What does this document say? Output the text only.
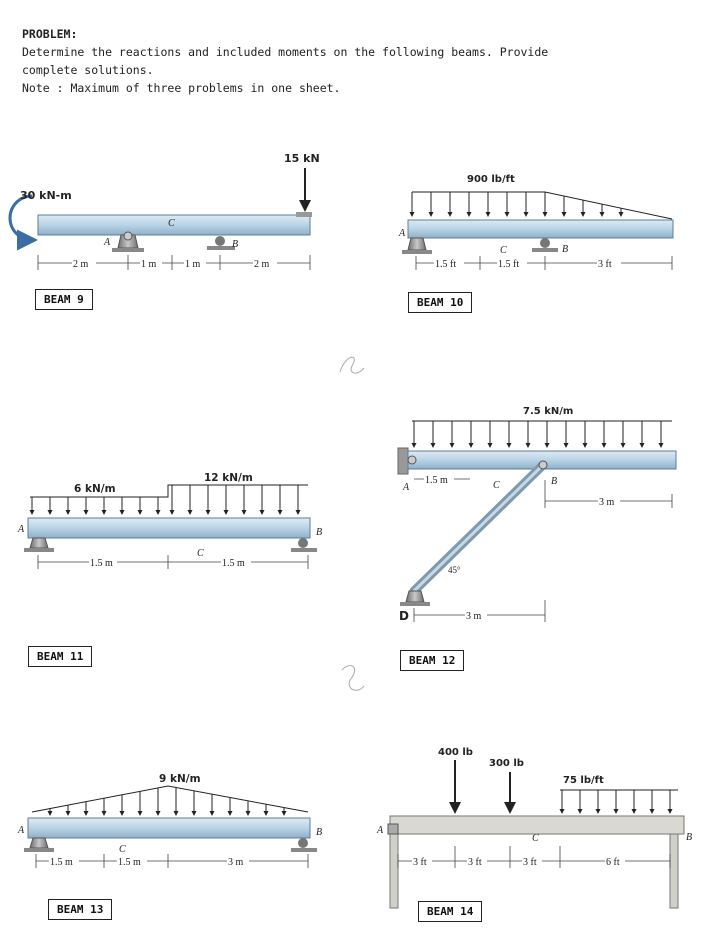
PROBLEM:
Determine the reactions and included moments on the following beams. Provide
complete solutions.
Note : Maximum of three problems in one sheet.
BEAM 9	BEAM 10
BEAM 11	BEAM 12
BEAM 13	BEAM 14
30 kN-m
15 kN
A
C
B
2 m	1 m	1 m	2 m
900 lb/ft
A
C	B
1.5 ft	1.5 ft	3 ft
6 kN/m
12 kN/m
A
C
B
1.5 m	1.5 m
7.5 kN/m
45°
A	C	B
D
1.5 m
3 m
3 m
9 kN/m
A
C
B
1.5 m	1.5 m	3 m
400 lb
300 lb
75 lb/ft
A
C	B
3 ft	3 ft	3 ft	6 ft
